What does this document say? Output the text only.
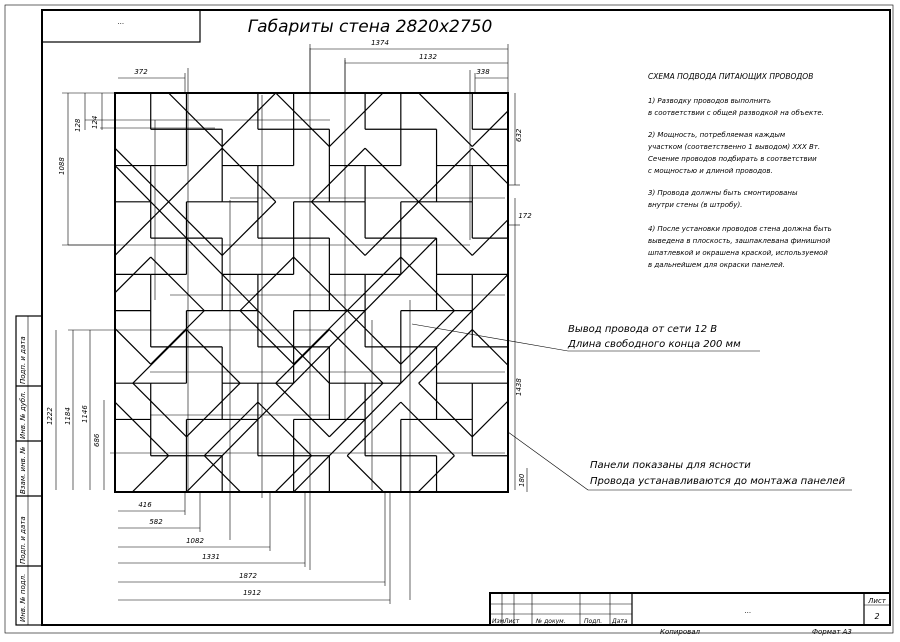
...	Габариты стена 2820х2750
Подп. и дата
Инв. № дубл.
Взам. инв. №
Подп. и дата
Инв. № подл.
1374
1132
338
372
1088
128 124
632
172
1438
180
1222 1184 1146
686
416
582
1082
1331
1872
1912
СХЕМА ПОДВОДА ПИТАЮЩИХ ПРОВОДОВ
1) Разводку проводов выполнить
в соответствии с общей разводкой на объекте.
2) Мощность, потребляемая каждым
участком (соответственно 1 выводом) ХХХ Вт.
Сечение проводов подбирать в соответствии
с мощностью и длиной проводов.
3) Провода должны быть смонтированы
внутри стены (в штробу).
4) После установки проводов стена должна быть
выведена в плоскость, зашпаклевана финишной
шпатлевкой и окрашена краской, используемой
в дальнейшем для окраски панелей.
Вывод провода от сети 12 В
Длина свободного конца 200 мм
Панели показаны для ясности
Провода устанавливаются до монтажа панелей
Изм Лист	№ докум.	Подп. Дата
...
Лист
2
Копировал	Формат А3
